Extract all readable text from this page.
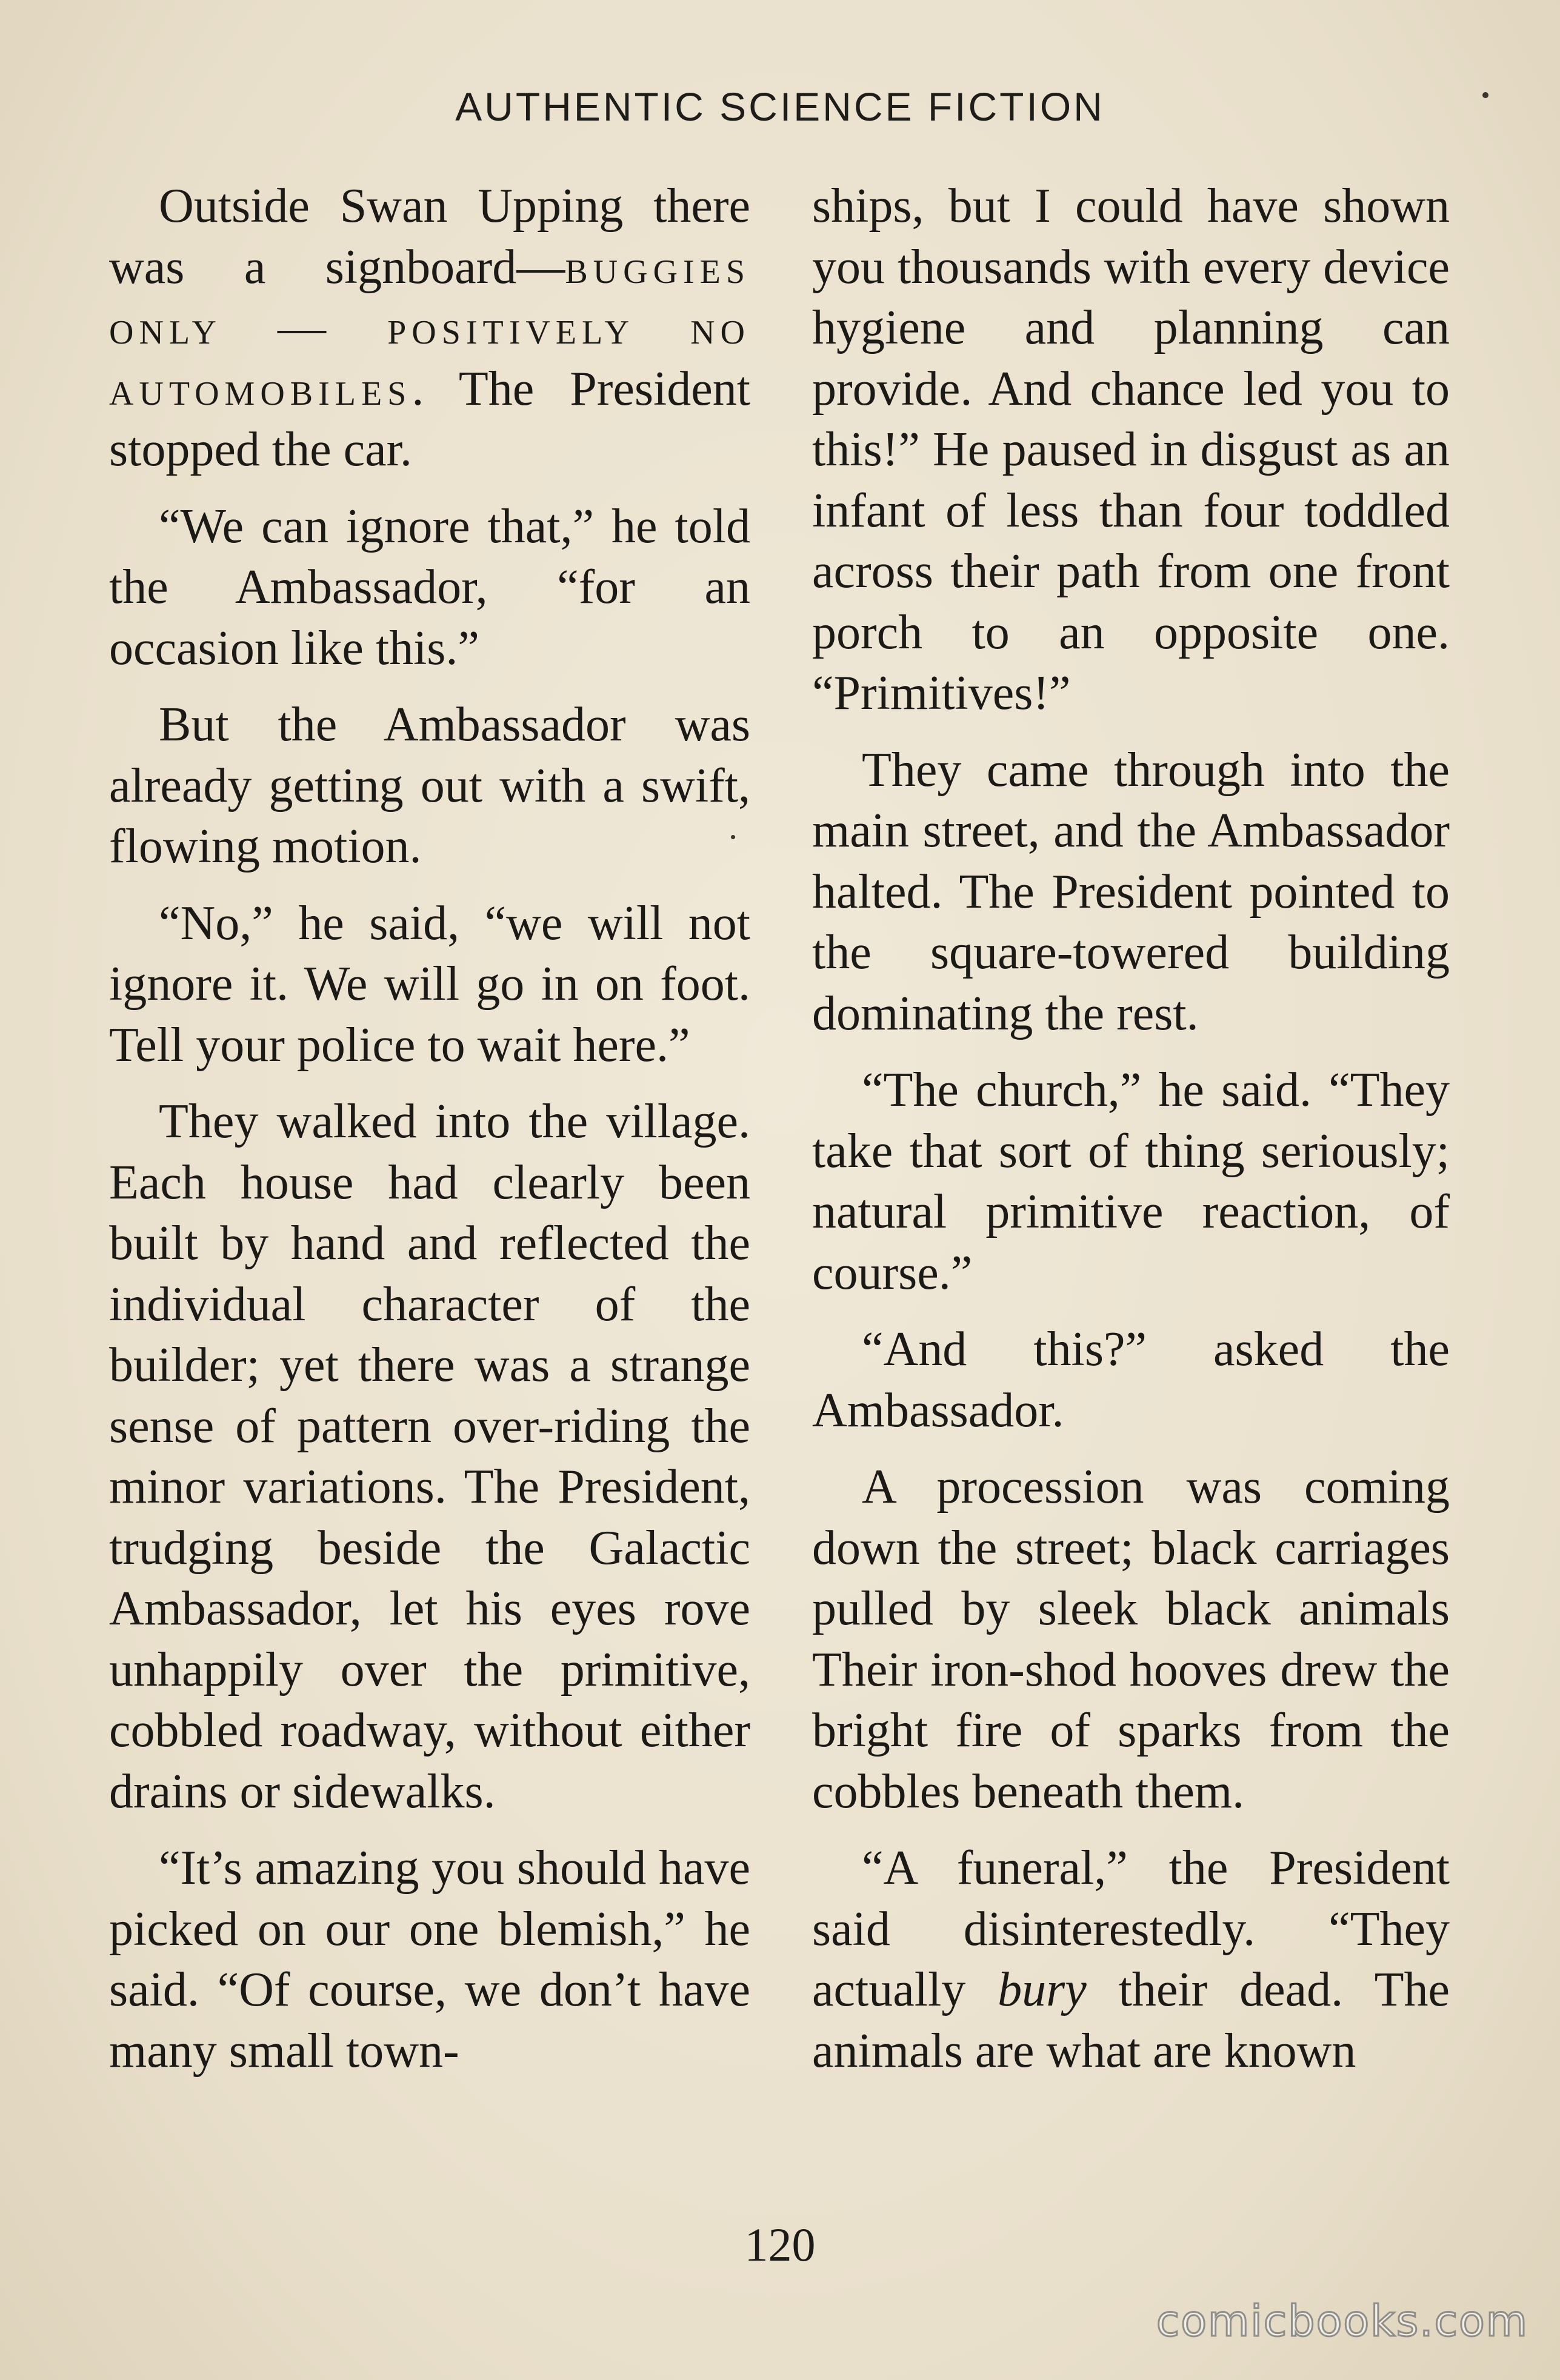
AUTHENTIC SCIENCE FICTION

Outside Swan Upping there was a signboard—buggies only — positively no automobiles. The President stopped the car.

“We can ignore that,” he told the Ambassador, “for an occasion like this.”

But the Ambassador was already getting out with a swift, flowing motion.

“No,” he said, “we will not ignore it. We will go in on foot. Tell your police to wait here.”

They walked into the village. Each house had clearly been built by hand and reflected the individual character of the builder; yet there was a strange sense of pattern over-riding the minor variations. The President, trudging beside the Galactic Ambassador, let his eyes rove unhappily over the primitive, cobbled roadway, without either drains or sidewalks.

“It’s amazing you should have picked on our one blemish,” he said. “Of course, we don’t have many small town-

ships, but I could have shown you thousands with every device hygiene and planning can provide. And chance led you to this!” He paused in disgust as an infant of less than four toddled across their path from one front porch to an opposite one. “Primitives!”

They came through into the main street, and the Ambassador halted. The President pointed to the square-towered building dominating the rest.

“The church,” he said. “They take that sort of thing seriously; natural primitive reaction, of course.”

“And this?” asked the Ambassador.

A procession was coming down the street; black carriages pulled by sleek black animals Their iron-shod hooves drew the bright fire of sparks from the cobbles beneath them.

“A funeral,” the President said disinterestedly. “They actually bury their dead. The animals are what are known

120
comicbooks.com
